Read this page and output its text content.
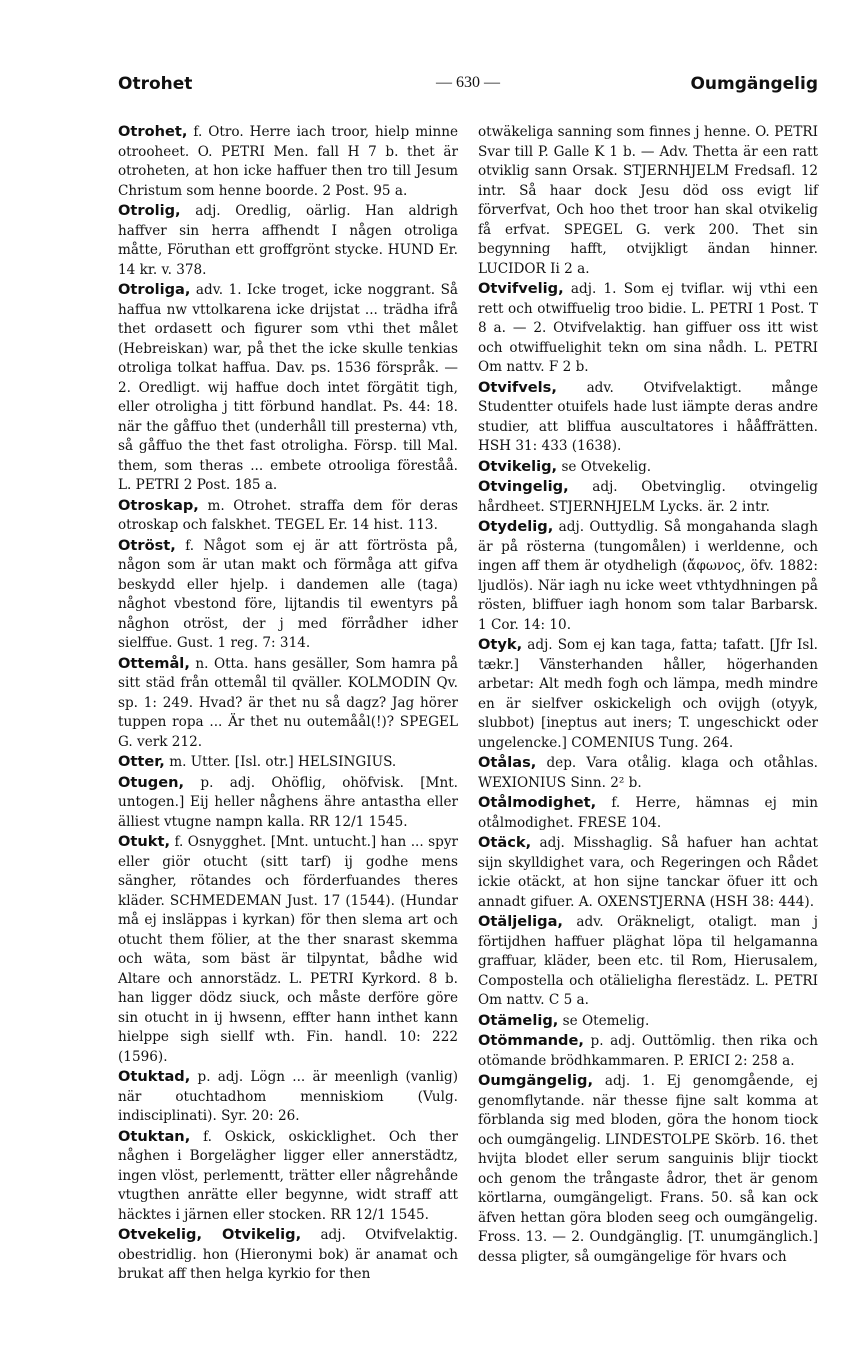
Otrohet	— 630 —	Oumgängelig

Otrohet, f. Otro. Herre iach troor, hielp minne otrooheet. O. PETRI Men. fall H 7 b. thet är otroheten, at hon icke haffuer then tro till Jesum Christum som henne boorde. 2 Post. 95 a.

Otrolig, adj. Oredlig, oärlig. Han aldrigh haffver sin herra affhendt I någen otroliga måtte, Föruthan ett groffgrönt stycke. HUND Er. 14 kr. v. 378.

Otroliga, adv. 1. Icke troget, icke noggrant. Så haffua nw vttolkarena icke drijstat ... trädha ifrå thet ordasett och figurer som vthi thet målet (Hebreiskan) war, på thet the icke skulle tenkias otroliga tolkat haffua. Dav. ps. 1536 förspråk. — 2. Oredligt. wij haffue doch intet förgätit tigh, eller otroligha j titt förbund handlat. Ps. 44: 18. när the gåffuo thet (underhåll till presterna) vth, så gåffuo the thet fast otroligha. Försp. till Mal. them, som theras ... embete otrooliga föreståå. L. PETRI 2 Post. 185 a.

Otroskap, m. Otrohet. straffa dem för deras otroskap och falskhet. TEGEL Er. 14 hist. 113.

Otröst, f. Något som ej är att förtrösta på, någon som är utan makt och förmåga att gifva beskydd eller hjelp. i dandemen alle (taga) någhot vbestond före, lijtandis til ewentyrs på någhon otröst, der j med förrådher idher sielffue. Gust. 1 reg. 7: 314.

Ottemål, n. Otta. hans gesäller, Som hamra på sitt städ från ottemål til qväller. KOLMODIN Qv. sp. 1: 249. Hvad? är thet nu så dagz? Jag hörer tuppen ropa ... Är thet nu outemåål(!)? SPEGEL G. verk 212.

Otter, m. Utter. [Isl. otr.] HELSINGIUS.

Otugen, p. adj. Ohöflig, ohöfvisk. [Mnt. untogen.] Eij heller någhens ähre antastha eller älliest vtugne nampn kalla. RR 12/1 1545.

Otukt, f. Osnygghet. [Mnt. untucht.] han ... spyr eller giör otucht (sitt tarf) ij godhe mens sängher, rötandes och förderfuandes theres kläder. SCHMEDEMAN Just. 17 (1544). (Hundar må ej insläppas i kyrkan) för then slema art och otucht them fölier, at the ther snarast skemma och wäta, som bäst är tilpyntat, bådhe wid Altare och annorstädz. L. PETRI Kyrkord. 8 b. han ligger dödz siuck, och måste derföre göre sin otucht in ij hwsenn, effter hann inthet kann hielppe sigh siellf wth. Fin. handl. 10: 222 (1596).

Otuktad, p. adj. Lögn ... är meenligh (vanlig) när otuchtadhom menniskiom (Vulg. indisciplinati). Syr. 20: 26.

Otuktan, f. Oskick, oskicklighet. Och ther någhen i Borgelägher ligger eller annerstädtz, ingen vlöst, perlementt, trätter eller någrehånde vtugthen anrätte eller begynne, widt straff att häcktes i järnen eller stocken. RR 12/1 1545.

Otvekelig, Otvikelig, adj. Otvifvelaktig. obestridlig. hon (Hieronymi bok) är anamat och brukat aff then helga kyrkio for then

otwäkeliga sanning som finnes j henne. O. PETRI Svar till P. Galle K 1 b. — Adv. Thetta är een ratt otviklig sann Orsak. STJERNHJELM Fredsafl. 12 intr. Så haar dock Jesu död oss evigt lif förverfvat, Och hoo thet troor han skal otvikelig få erfvat. SPEGEL G. verk 200. Thet sin begynning hafft, otvijkligt ändan hinner. LUCIDOR Ii 2 a.

Otvifvelig, adj. 1. Som ej tviflar. wij vthi een rett och otwiffuelig troo bidie. L. PETRI 1 Post. T 8 a. — 2. Otvifvelaktig. han giffuer oss itt wist och otwiffuelighit tekn om sina nådh. L. PETRI Om nattv. F 2 b.

Otvifvels, adv. Otvifvelaktigt. månge Studentter otuifels hade lust iämpte deras andre studier, att bliffua auscultatores i hååffrätten. HSH 31: 433 (1638).

Otvikelig, se Otvekelig.

Otvingelig, adj. Obetvinglig. otvingelig hårdheet. STJERNHJELM Lycks. är. 2 intr.

Otydelig, adj. Outtydlig. Så mongahanda slagh är på rösterna (tungomålen) i werldenne, och ingen aff them är otydheligh (ἄφωνος, öfv. 1882: ljudlös). När iagh nu icke weet vthtydhningen på rösten, bliffuer iagh honom som talar Barbarsk. 1 Cor. 14: 10.

Otyk, adj. Som ej kan taga, fatta; tafatt. [Jfr Isl. tækr.] Vänsterhanden håller, högerhanden arbetar: Alt medh fogh och lämpa, medh mindre en är sielfver oskickeligh och ovijgh (otyyk, slubbot) [ineptus aut iners; T. ungeschickt oder ungelencke.] COMENIUS Tung. 264.

Otålas, dep. Vara otålig. klaga och otåhlas. WEXIONIUS Sinn. 2² b.

Otålmodighet, f. Herre, hämnas ej min otålmodighet. FRESE 104.

Otäck, adj. Misshaglig. Så hafuer han achtat sijn skylldighet vara, och Regeringen och Rådet ickie otäckt, at hon sijne tanckar öfuer itt och annadt gifuer. A. OXENSTJERNA (HSH 38: 444).

Otäljeliga, adv. Oräkneligt, otaligt. man j förtijdhen haffuer pläghat löpa til helgamanna graffuar, kläder, been etc. til Rom, Hierusalem, Compostella och otälieligha flerestädz. L. PETRI Om nattv. C 5 a.

Otämelig, se Otemelig.

Otömmande, p. adj. Outtömlig. then rika och otömande brödhkammaren. P. ERICI 2: 258 a.

Oumgängelig, adj. 1. Ej genomgående, ej genomflytande. när thesse fijne salt komma at förblanda sig med bloden, göra the honom tiock och oumgängelig. LINDESTOLPE Skörb. 16. thet hvijta blodet eller serum sanguinis blijr tiockt och genom the trångaste ådror, thet är genom körtlarna, oumgängeligt. Frans. 50. så kan ock äfven hettan göra bloden seeg och oumgängelig. Fross. 13. — 2. Oundgänglig. [T. unumgänglich.] dessa pligter, så oumgängelige för hvars och
